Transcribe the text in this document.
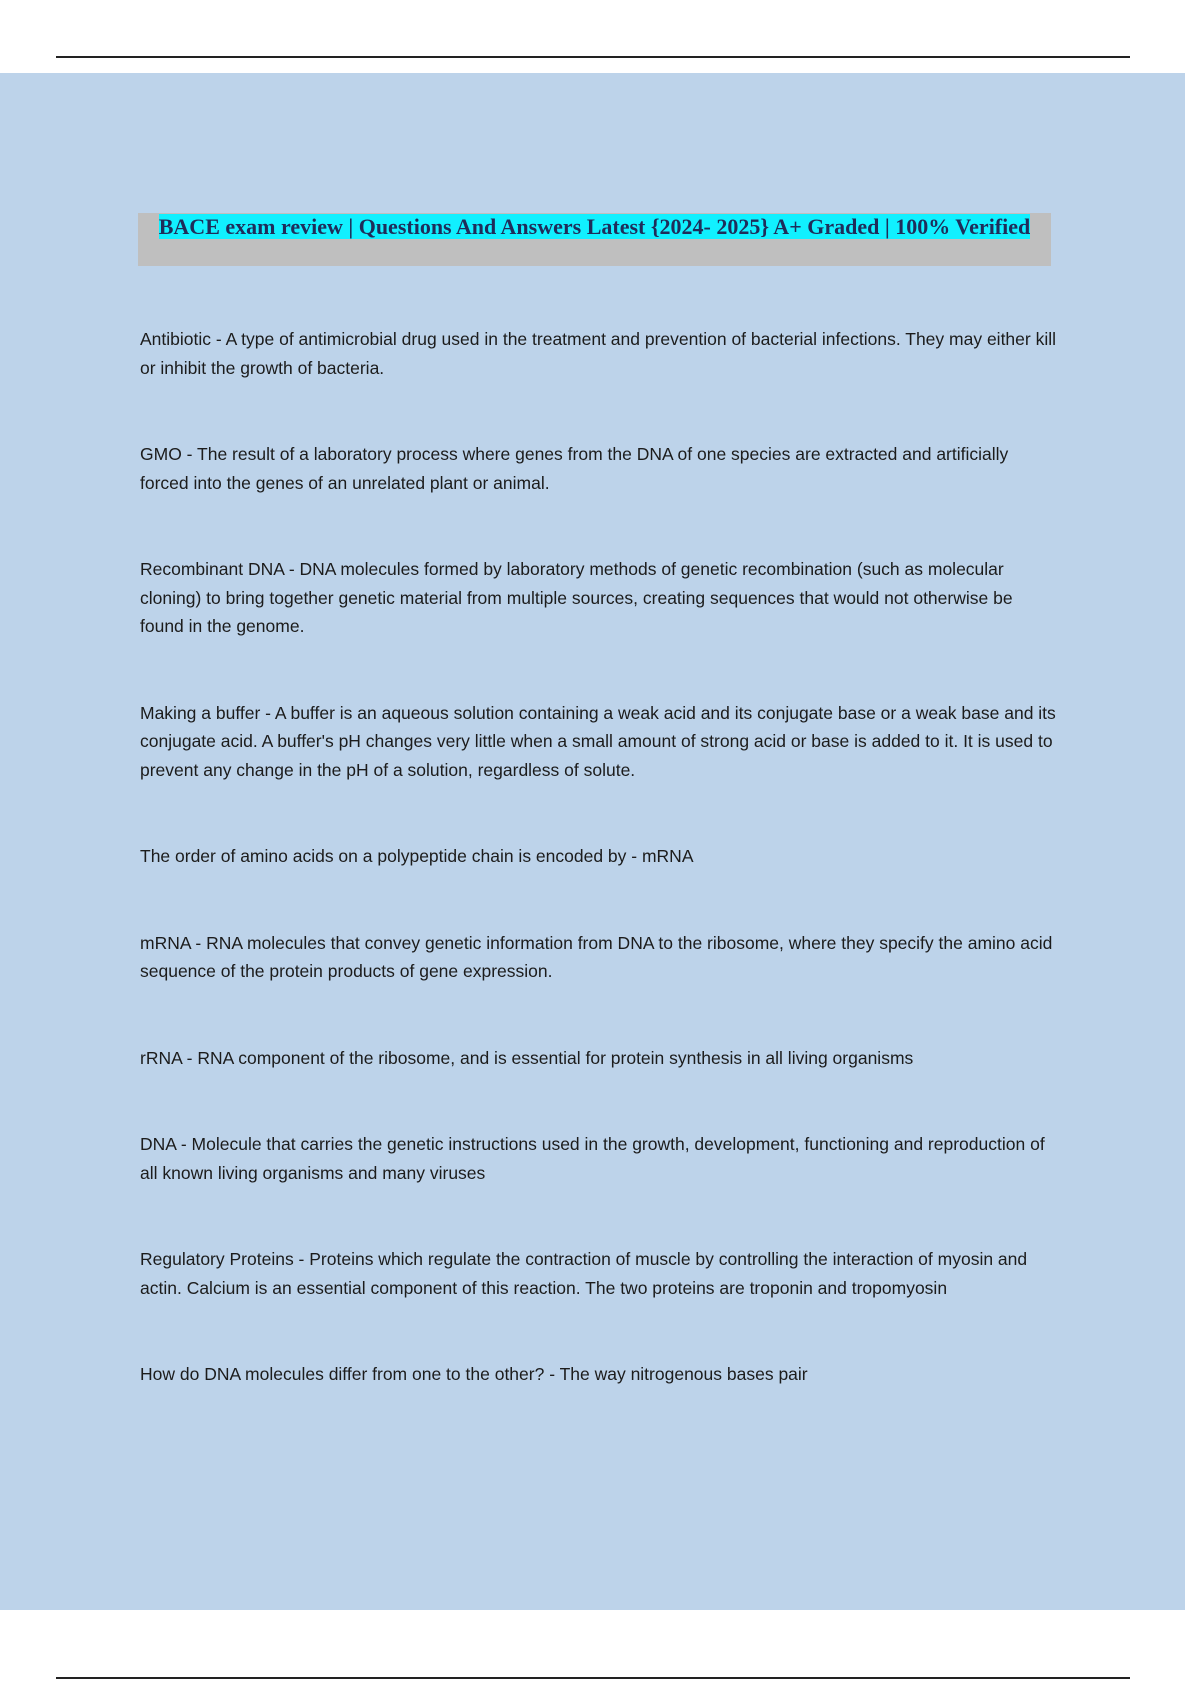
BACE exam review | Questions And Answers Latest {2024- 2025} A+ Graded | 100% Verified

Antibiotic - A type of antimicrobial drug used in the treatment and prevention of bacterial infections. They may either kill or inhibit the growth of bacteria.

GMO - The result of a laboratory process where genes from the DNA of one species are extracted and artificially forced into the genes of an unrelated plant or animal.

Recombinant DNA - DNA molecules formed by laboratory methods of genetic recombination (such as molecular cloning) to bring together genetic material from multiple sources, creating sequences that would not otherwise be found in the genome.

Making a buffer - A buffer is an aqueous solution containing a weak acid and its conjugate base or a weak base and its conjugate acid. A buffer's pH changes very little when a small amount of strong acid or base is added to it. It is used to prevent any change in the pH of a solution, regardless of solute.

The order of amino acids on a polypeptide chain is encoded by - mRNA

mRNA - RNA molecules that convey genetic information from DNA to the ribosome, where they specify the amino acid sequence of the protein products of gene expression.

rRNA - RNA component of the ribosome, and is essential for protein synthesis in all living organisms

DNA - Molecule that carries the genetic instructions used in the growth, development, functioning and reproduction of all known living organisms and many viruses

Regulatory Proteins - Proteins which regulate the contraction of muscle by controlling the interaction of myosin and actin. Calcium is an essential component of this reaction. The two proteins are troponin and tropomyosin

How do DNA molecules differ from one to the other? - The way nitrogenous bases pair
